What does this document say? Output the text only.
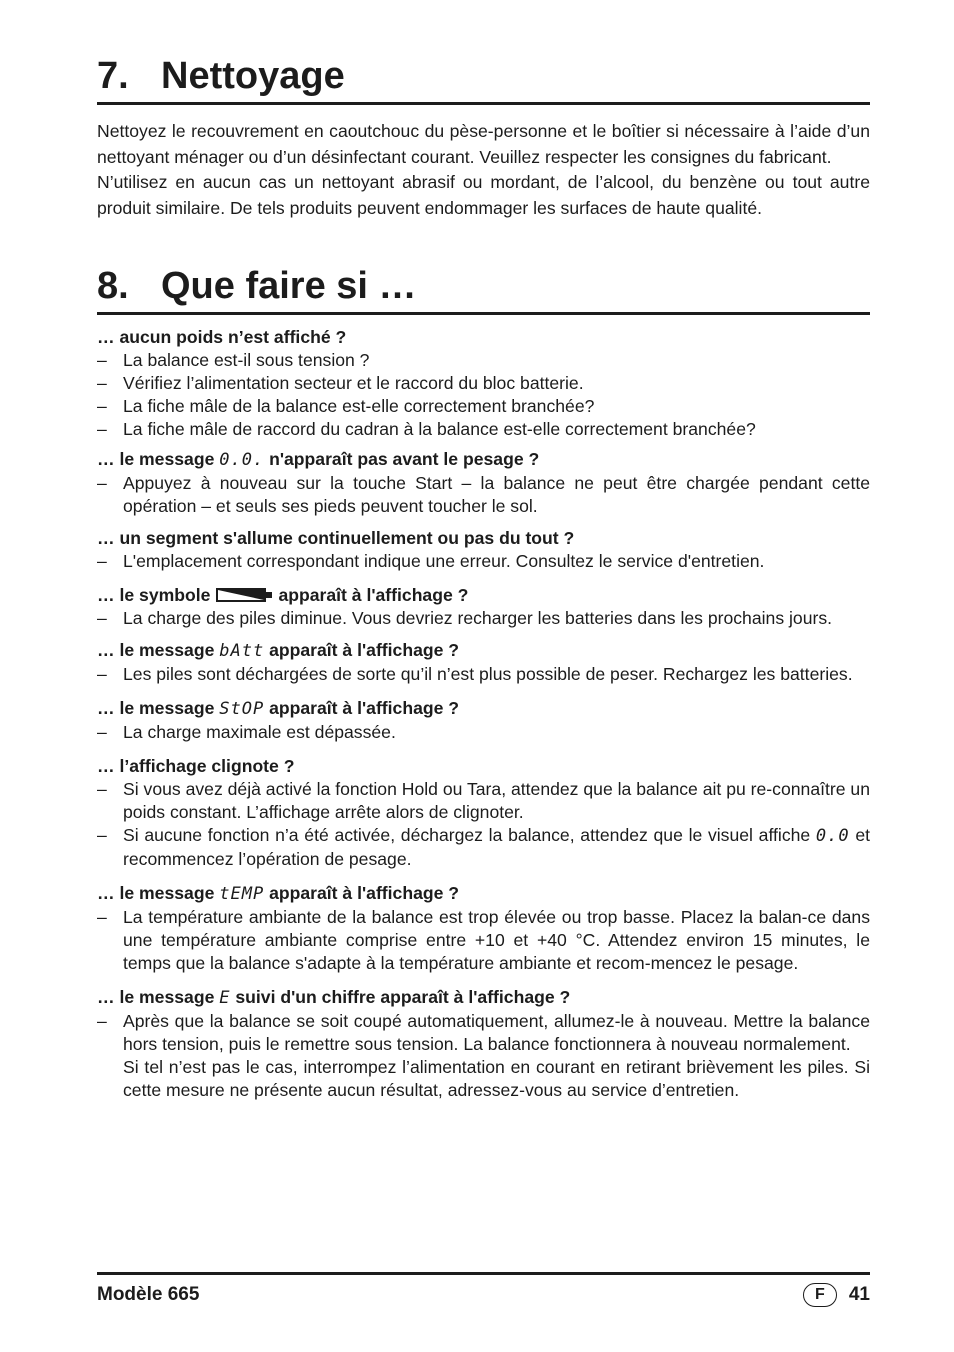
7. Nettoyage

Nettoyez le recouvrement en caoutchouc du pèse-personne et le boîtier si nécessaire à l’aide d’un nettoyant ménager ou d’un désinfectant courant. Veuillez respecter les consignes du fabricant.

N’utilisez en aucun cas un nettoyant abrasif ou mordant, de l’alcool, du benzène ou tout autre produit similaire. De tels produits peuvent endommager les surfaces de haute qualité.

8. Que faire si …

… aucun poids n’est affiché ?

– La balance est-il sous tension ?
– Vérifiez l’alimentation secteur et le raccord du bloc batterie.
– La fiche mâle de la balance est-elle correctement branchée?
– La fiche mâle de raccord du cadran à la balance est-elle correctement branchée?

… le message 0.0. n'apparaît pas avant le pesage ?

– Appuyez à nouveau sur la touche Start – la balance ne peut être chargée pendant cette opération – et seuls ses pieds peuvent toucher le sol.

… un segment s'allume continuellement ou pas du tout ?

– L'emplacement correspondant indique une erreur. Consultez le service d'entretien.

… le symbole	apparaît à l'affichage ?

– La charge des piles diminue. Vous devriez recharger les batteries dans les prochains jours.

… le message bAtt apparaît à l'affichage ?

– Les piles sont déchargées de sorte qu’il n’est plus possible de peser. Rechargez les batteries.

… le message StOP apparaît à l'affichage ?

– La charge maximale est dépassée.

… l’affichage clignote ?

– Si vous avez déjà activé la fonction Hold ou Tara, attendez que la balance ait pu re-connaître un poids constant. L’affichage arrête alors de clignoter.
– Si aucune fonction n’a été activée, déchargez la balance, attendez que le visuel affiche 0.0 et recommencez l’opération de pesage.

… le message tEMP apparaît à l'affichage ?

– La température ambiante de la balance est trop élevée ou trop basse. Placez la balan-ce dans une température ambiante comprise entre +10 et +40 °C. Attendez environ 15 minutes, le temps que la balance s'adapte à la température ambiante et recom-mencez le pesage.

… le message E suivi d'un chiffre apparaît à l'affichage ?

– Après que la balance se soit coupé automatiquement, allumez-le à nouveau. Mettre la balance hors tension, puis le remettre sous tension. La balance fonctionnera à nouveau normalement.
Si tel n’est pas le cas, interrompez l’alimentation en courant en retirant brièvement les piles. Si cette mesure ne présente aucun résultat, adressez-vous au service d’entretien.
Modèle 665	F	41
